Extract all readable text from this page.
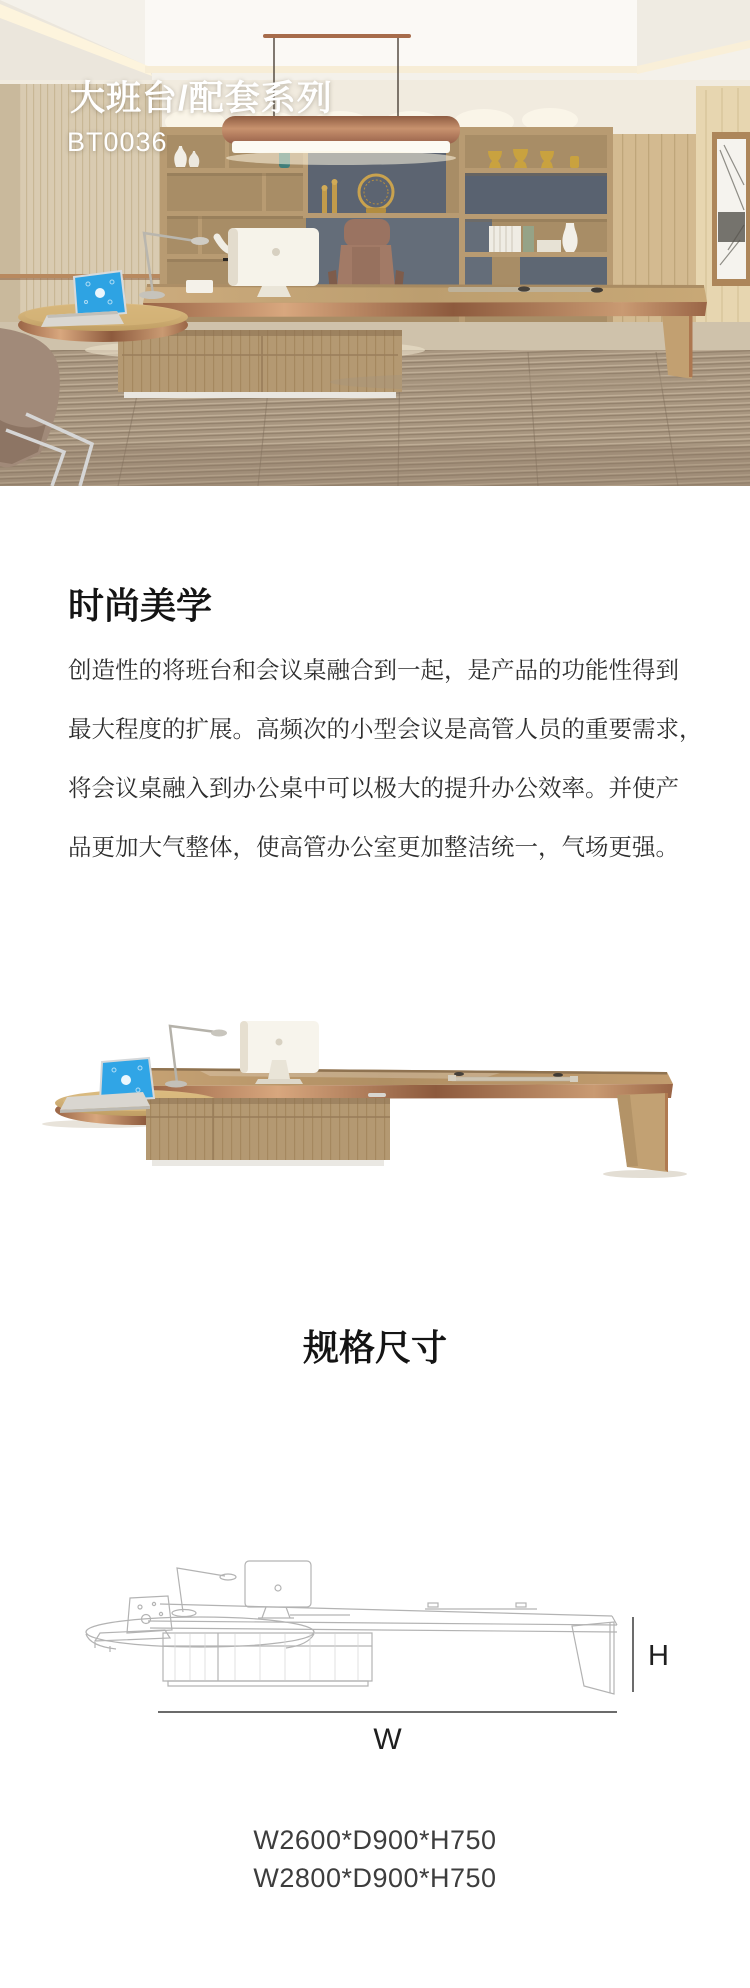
大班台/配套系列
BT0036
时尚美学
创造性的将班台和会议桌融合到一起，是产品的功能性得到
最大程度的扩展。高频次的小型会议是高管人员的重要需求，
将会议桌融入到办公桌中可以极大的提升办公效率。并使产
品更加大气整体，使高管办公室更加整洁统一，气场更强。
规格尺寸
H
W
W2600*D900*H750
W2800*D900*H750
